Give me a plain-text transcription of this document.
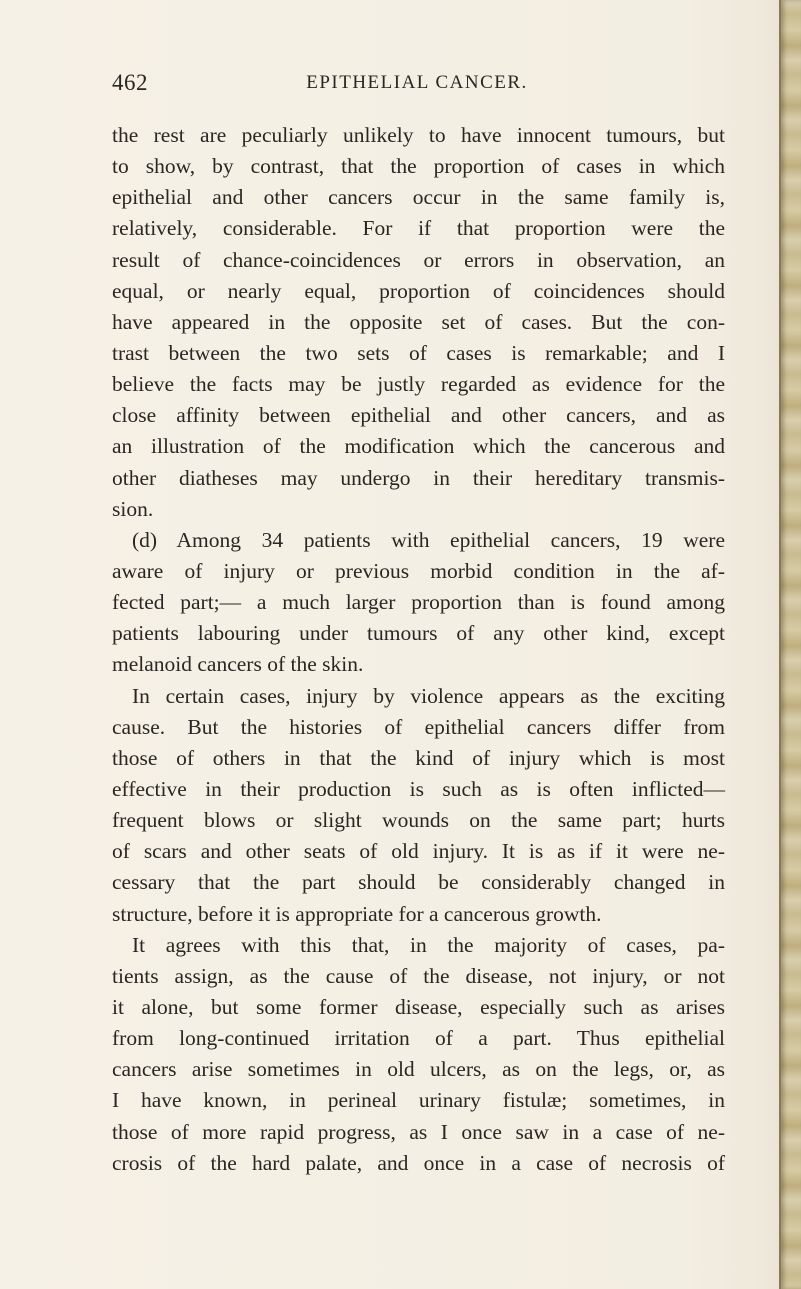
462	EPITHELIAL CANCER.
the rest are peculiarly unlikely to have innocent tumours, but
to show, by contrast, that the proportion of cases in which
epithelial and other cancers occur in the same family is,
relatively, considerable. For if that proportion were the
result of chance-coincidences or errors in observation, an
equal, or nearly equal, proportion of coincidences should
have appeared in the opposite set of cases. But the con-
trast between the two sets of cases is remarkable; and I
believe the facts may be justly regarded as evidence for the
close affinity between epithelial and other cancers, and as
an illustration of the modification which the cancerous and
other diatheses may undergo in their hereditary transmis-
sion.
(d) Among 34 patients with epithelial cancers, 19 were
aware of injury or previous morbid condition in the af-
fected part;— a much larger proportion than is found among
patients labouring under tumours of any other kind, except
melanoid cancers of the skin.
In certain cases, injury by violence appears as the exciting
cause. But the histories of epithelial cancers differ from
those of others in that the kind of injury which is most
effective in their production is such as is often inflicted—
frequent blows or slight wounds on the same part; hurts
of scars and other seats of old injury. It is as if it were ne-
cessary that the part should be considerably changed in
structure, before it is appropriate for a cancerous growth.
It agrees with this that, in the majority of cases, pa-
tients assign, as the cause of the disease, not injury, or not
it alone, but some former disease, especially such as arises
from long-continued irritation of a part. Thus epithelial
cancers arise sometimes in old ulcers, as on the legs, or, as
I have known, in perineal urinary fistulæ; sometimes, in
those of more rapid progress, as I once saw in a case of ne-
crosis of the hard palate, and once in a case of necrosis of
